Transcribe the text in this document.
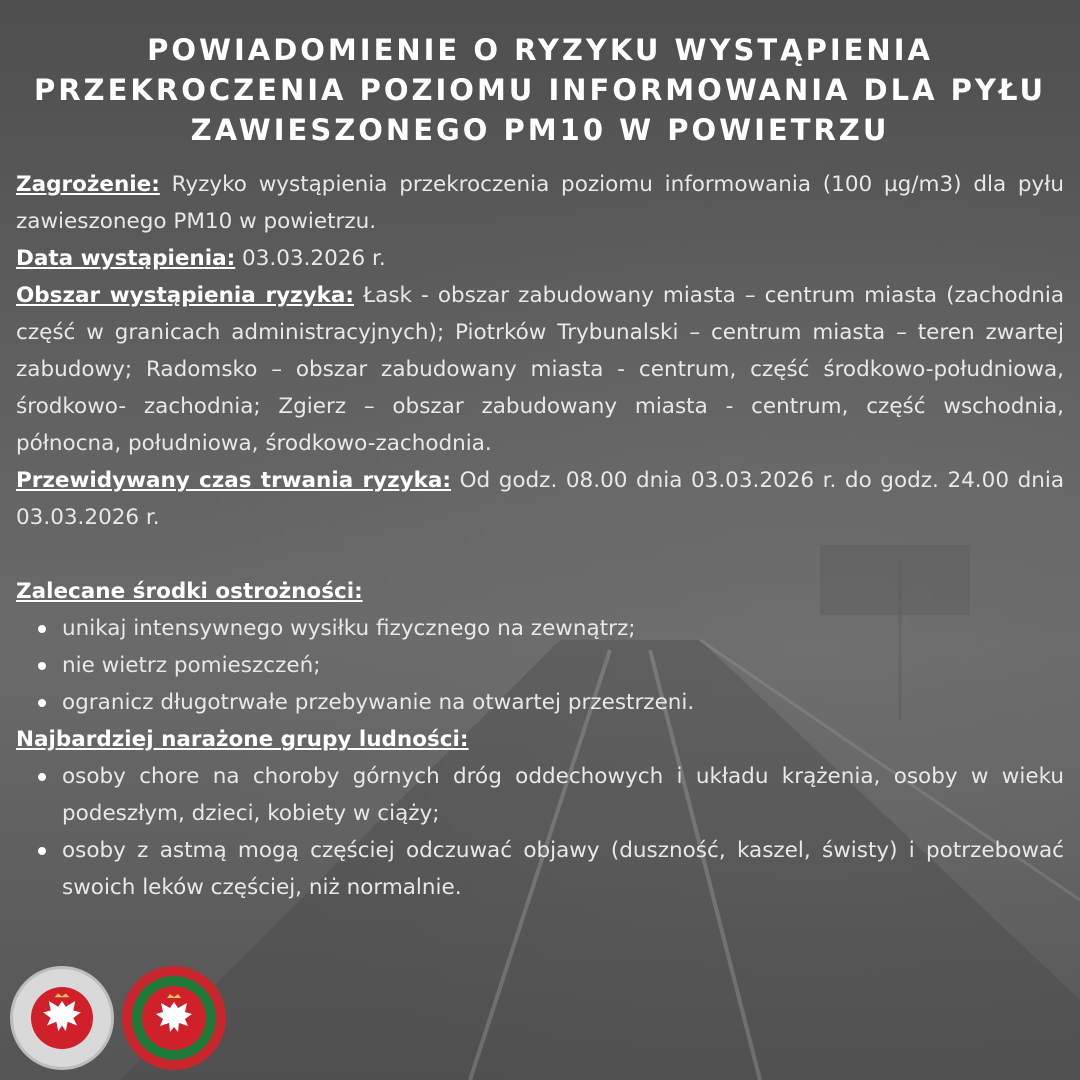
POWIADOMIENIE O RYZYKU WYSTĄPIENIA PRZEKROCZENIA POZIOMU INFORMOWANIA DLA PYŁU ZAWIESZONEGO PM10 W POWIETRZU

Zagrożenie: Ryzyko wystąpienia przekroczenia poziomu informowania (100 µg/m3) dla pyłu zawieszonego PM10 w powietrzu.

Data wystąpienia: 03.03.2026 r.

Obszar wystąpienia ryzyka: Łask - obszar zabudowany miasta – centrum miasta (zachodnia część w granicach administracyjnych); Piotrków Trybunalski – centrum miasta – teren zwartej zabudowy; Radomsko – obszar zabudowany miasta - centrum, część środkowo-południowa, środkowo- zachodnia; Zgierz – obszar zabudowany miasta - centrum, część wschodnia, północna, południowa, środkowo-zachodnia.

Przewidywany czas trwania ryzyka: Od godz. 08.00 dnia 03.03.2026 r. do godz. 24.00 dnia 03.03.2026 r.

Zalecane środki ostrożności:

unikaj intensywnego wysiłku fizycznego na zewnątrz;
nie wietrz pomieszczeń;
ogranicz długotrwałe przebywanie na otwartej przestrzeni.

Najbardziej narażone grupy ludności:

osoby chore na choroby górnych dróg oddechowych i układu krążenia, osoby w wieku podeszłym, dzieci, kobiety w ciąży;
osoby z astmą mogą częściej odczuwać objawy (duszność, kaszel, świsty) i potrzebować swoich leków częściej, niż normalnie.
